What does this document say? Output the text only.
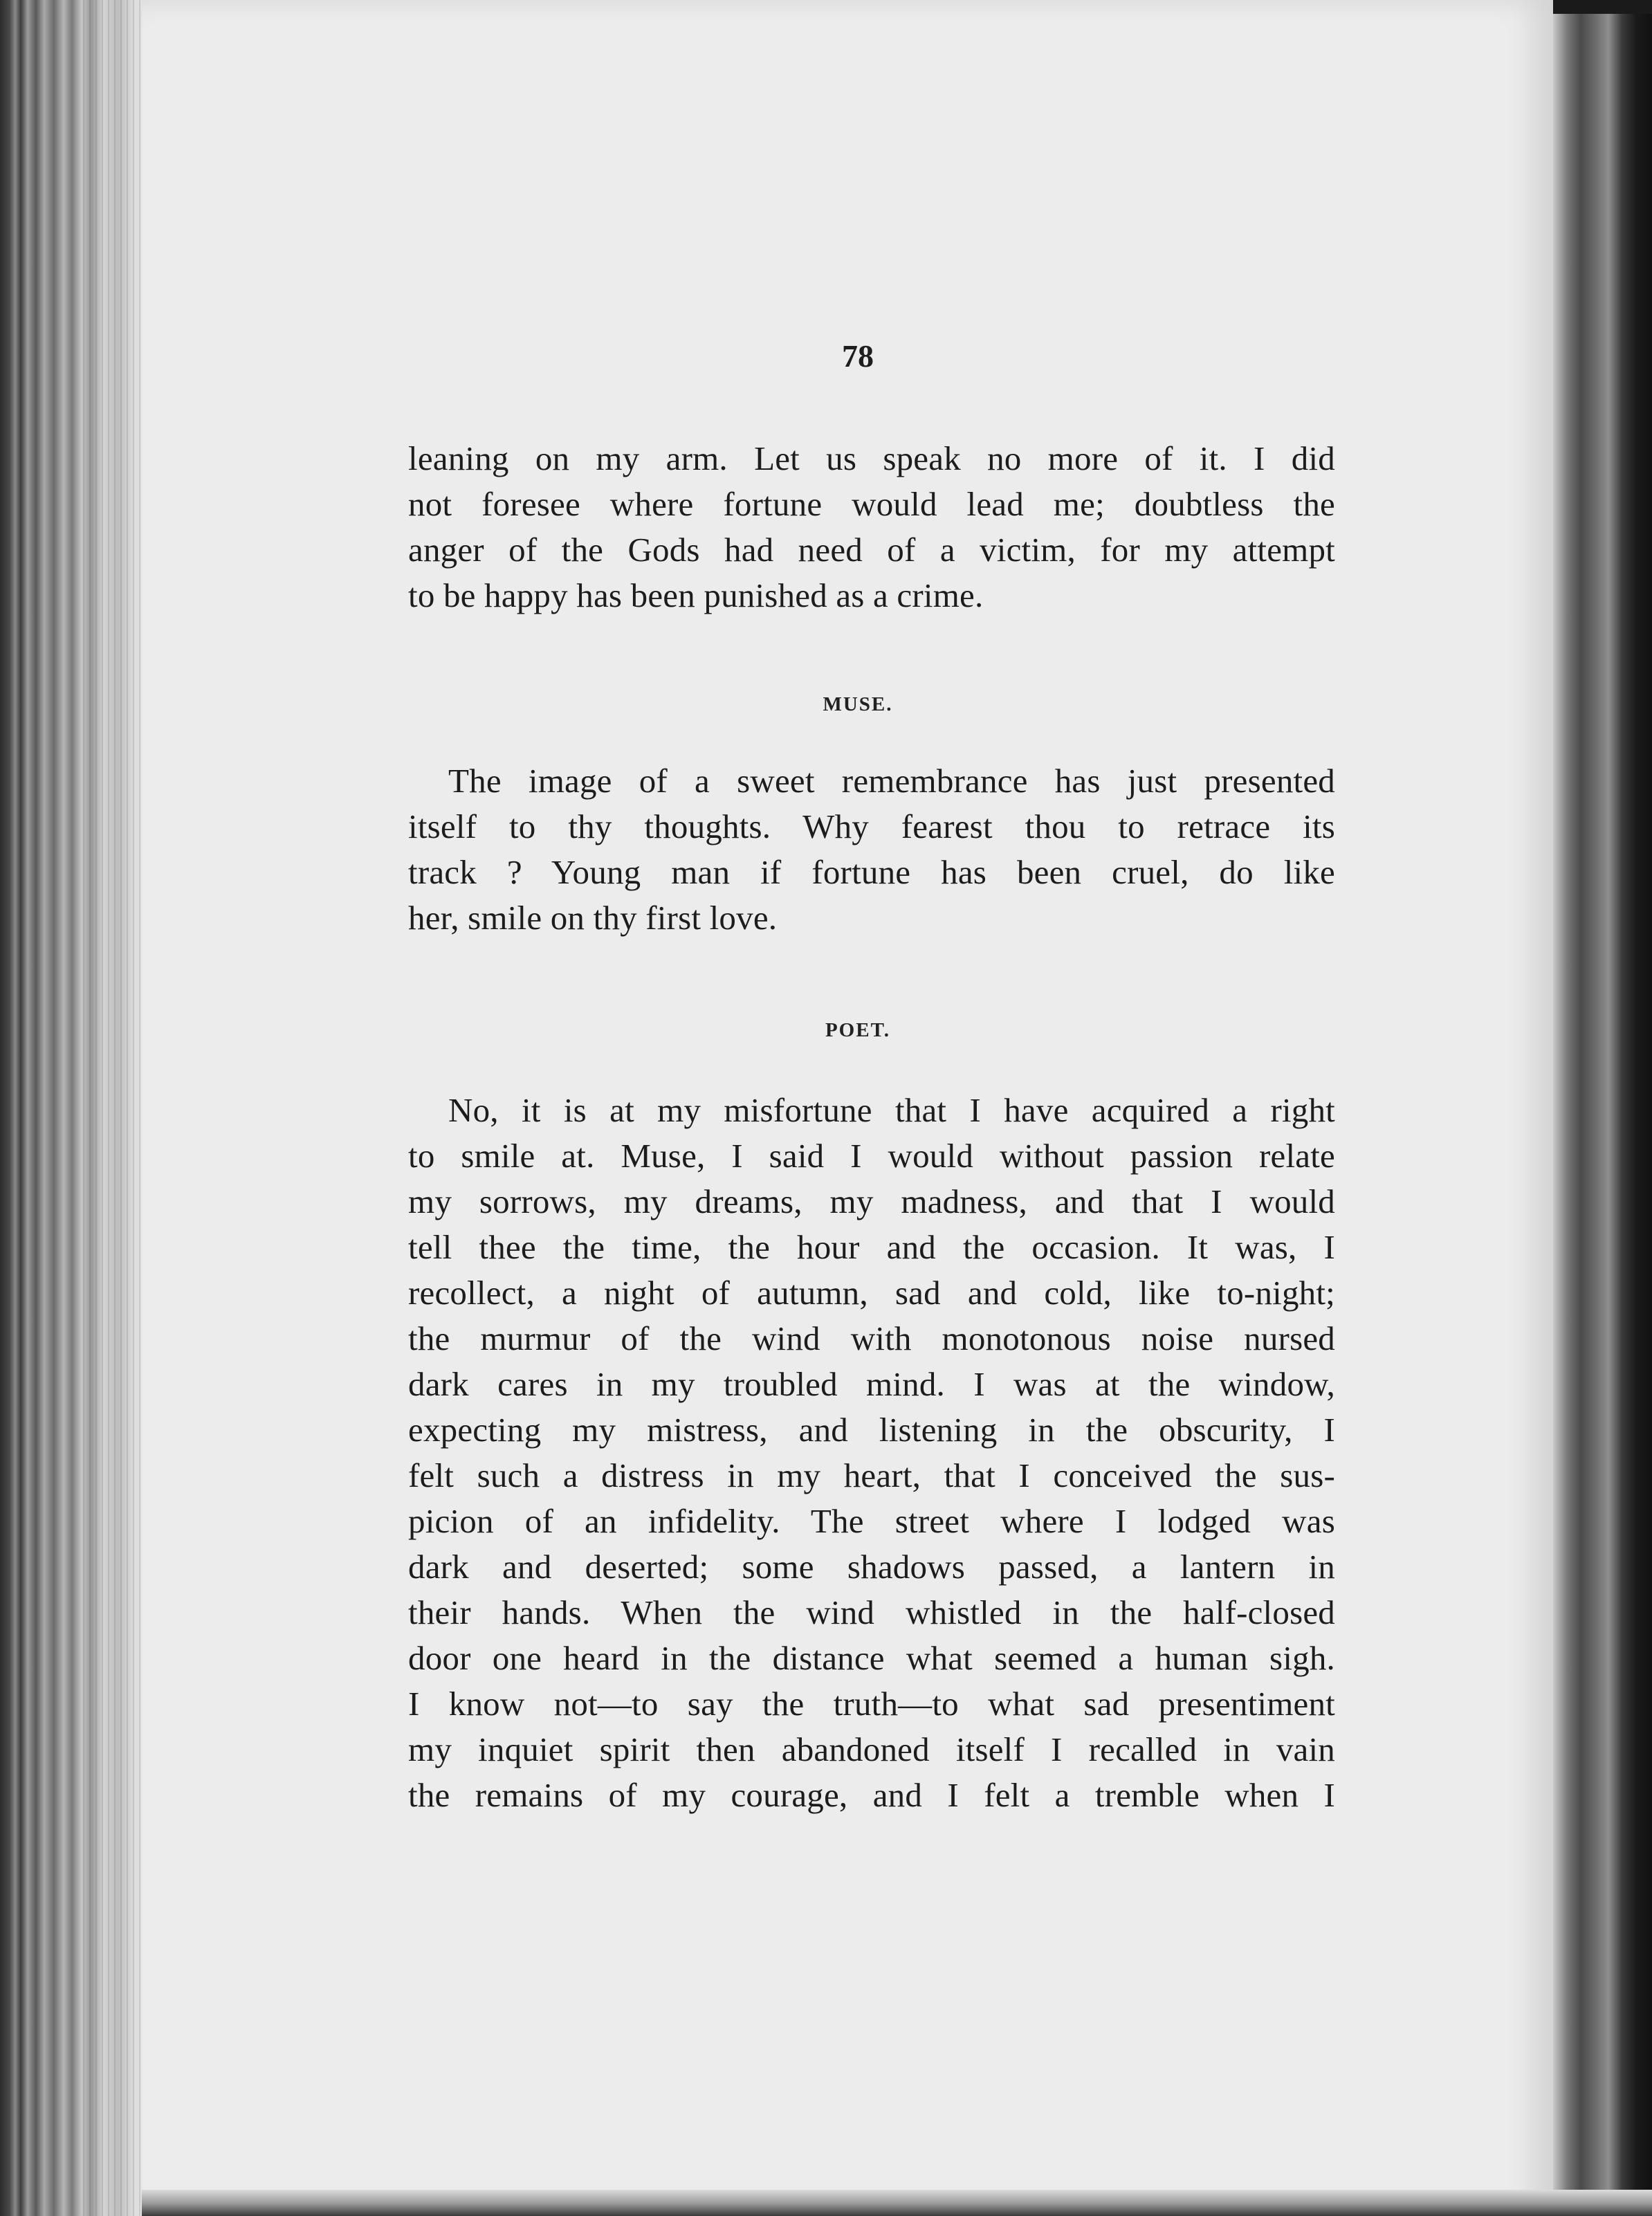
78
leaning on my arm. Let us speak no more of it. I did
not foresee where fortune would lead me; doubtless the
anger of the Gods had need of a victim, for my attempt
to be happy has been punished as a crime.
MUSE.
The image of a sweet remembrance has just presented
itself to thy thoughts. Why fearest thou to retrace its
track ? Young man if fortune has been cruel, do like
her, smile on thy first love.
POET.
No, it is at my misfortune that I have acquired a right
to smile at. Muse, I said I would without passion relate
my sorrows, my dreams, my madness, and that I would
tell thee the time, the hour and the occasion. It was, I
recollect, a night of autumn, sad and cold, like to-night;
the murmur of the wind with monotonous noise nursed
dark cares in my troubled mind. I was at the window,
expecting my mistress, and listening in the obscurity, I
felt such a distress in my heart, that I conceived the sus-
picion of an infidelity. The street where I lodged was
dark and deserted; some shadows passed, a lantern in
their hands. When the wind whistled in the half-closed
door one heard in the distance what seemed a human sigh.
I know not—to say the truth—to what sad presentiment
my inquiet spirit then abandoned itself I recalled in vain
the remains of my courage, and I felt a tremble when I
